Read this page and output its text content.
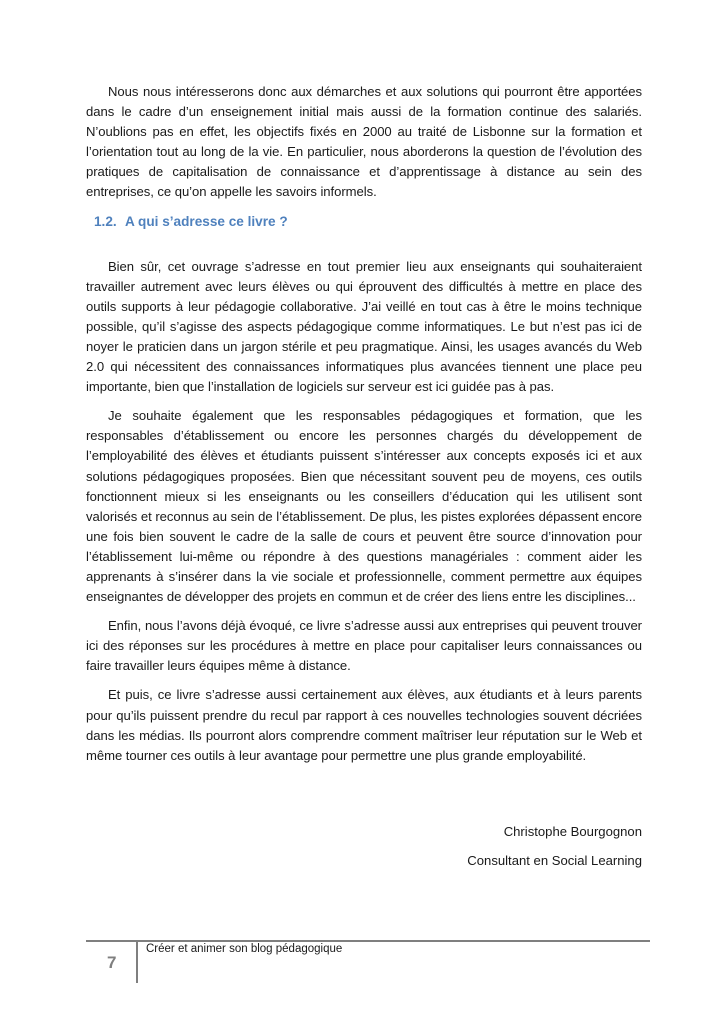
Nous nous intéresserons donc aux démarches et aux solutions qui pourront être apportées dans le cadre d’un enseignement initial mais aussi de la formation continue des salariés. N’oublions pas en effet, les objectifs fixés en 2000 au traité de Lisbonne sur la formation et l’orientation tout au long de la vie. En particulier, nous aborderons la question de l’évolution des pratiques de capitalisation de connaissance et d’apprentissage à distance au sein des entreprises, ce qu’on appelle les savoirs informels.

1.2. A qui s’adresse ce livre ?

Bien sûr, cet ouvrage s’adresse en tout premier lieu aux enseignants qui souhaiteraient travailler autrement avec leurs élèves ou qui éprouvent des difficultés à mettre en place des outils supports à leur pédagogie collaborative. J’ai veillé en tout cas à être le moins technique possible, qu’il s’agisse des aspects pédagogique comme informatiques. Le but n’est pas ici de noyer le praticien dans un jargon stérile et peu pragmatique. Ainsi, les usages avancés du Web 2.0 qui nécessitent des connaissances informatiques plus avancées tiennent une place peu importante, bien que l’installation de logiciels sur serveur est ici guidée pas à pas.

Je souhaite également que les responsables pédagogiques et formation, que les responsables d’établissement ou encore les personnes chargés du développement de l’employabilité des élèves et étudiants puissent s’intéresser aux concepts exposés ici et aux solutions pédagogiques proposées. Bien que nécessitant souvent peu de moyens, ces outils fonctionnent mieux si les enseignants ou les conseillers d’éducation qui les utilisent sont valorisés et reconnus au sein de l’établissement. De plus, les pistes explorées dépassent encore une fois bien souvent le cadre de la salle de cours et peuvent être source d’innovation pour l’établissement lui-même ou répondre à des questions managériales : comment aider les apprenants à s’insérer dans la vie sociale et professionnelle, comment permettre aux équipes enseignantes de développer des projets en commun et de créer des liens entre les disciplines...

Enfin, nous l’avons déjà évoqué, ce livre s’adresse aussi aux entreprises qui peuvent trouver ici des réponses sur les procédures à mettre en place pour capitaliser leurs connaissances ou faire travailler leurs équipes même à distance.

Et puis, ce livre s’adresse aussi certainement aux élèves, aux étudiants et à leurs parents pour qu’ils puissent prendre du recul par rapport à ces nouvelles technologies souvent décriées dans les médias. Ils pourront alors comprendre comment maîtriser leur réputation sur le Web et même tourner ces outils à leur avantage pour permettre une plus grande employabilité.

Christophe Bourgognon
Consultant en Social Learning
7
Créer et animer son blog pédagogique
